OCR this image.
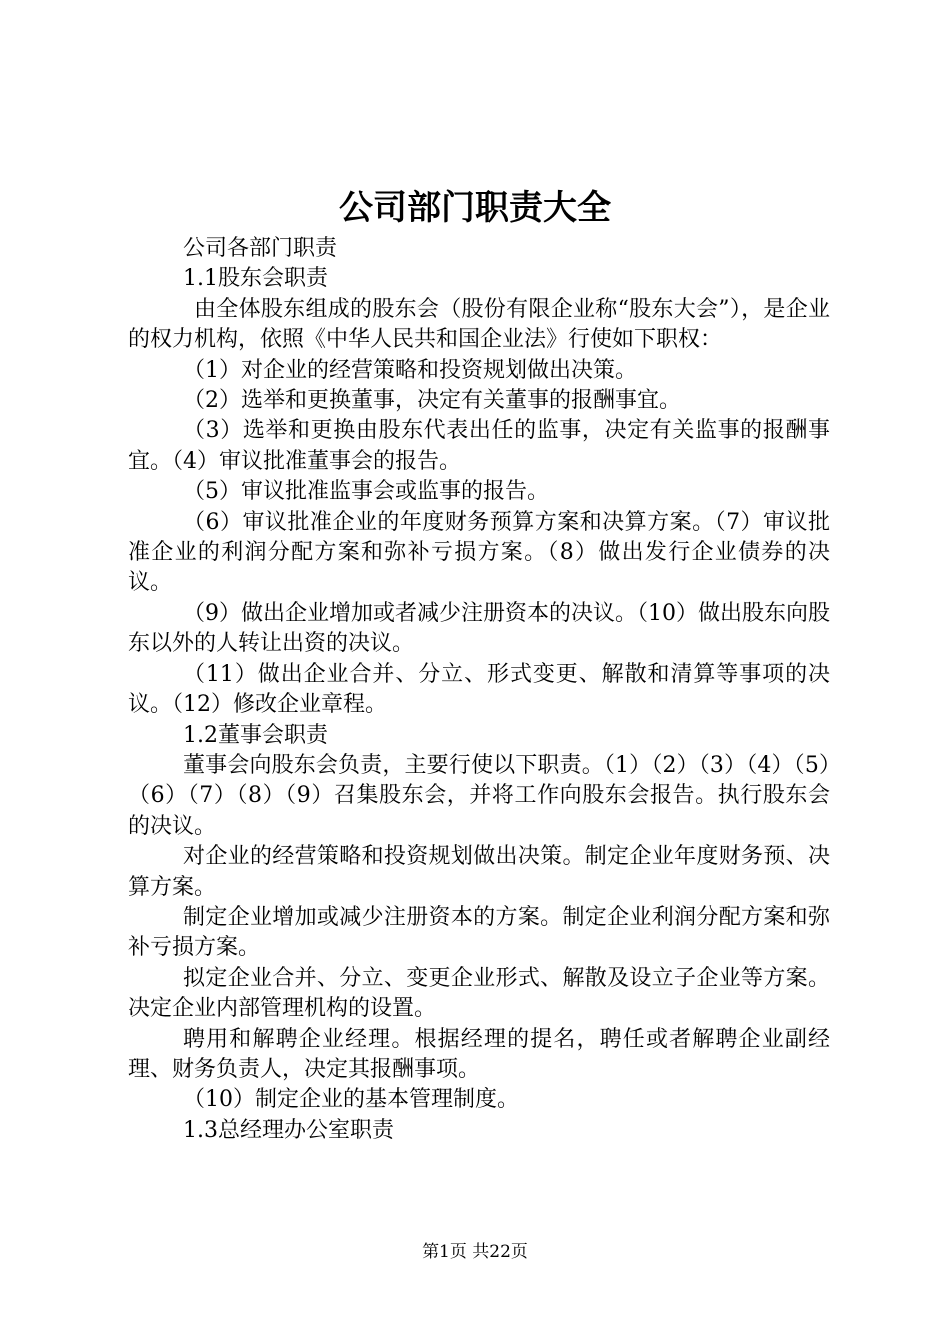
公司部门职责大全

公司各部门职责

1.1股东会职责

由全体股东组成的股东会（股份有限企业称“股东大会”），是企业的权力机构，依照《中华人民共和国企业法》行使如下职权：

（1）对企业的经营策略和投资规划做出决策。

（2）选举和更换董事，决定有关董事的报酬事宜。

（3）选举和更换由股东代表出任的监事，决定有关监事的报酬事宜。（4）审议批准董事会的报告。

（5）审议批准监事会或监事的报告。

（6）审议批准企业的年度财务预算方案和决算方案。（7）审议批准企业的利润分配方案和弥补亏损方案。（8）做出发行企业债券的决议。

（9）做出企业增加或者减少注册资本的决议。（10）做出股东向股东以外的人转让出资的决议。

（11）做出企业合并、分立、形式变更、解散和清算等事项的决议。（12）修改企业章程。

1.2董事会职责

董事会向股东会负责，主要行使以下职责。（1）（2）（3）（4）（5）（6）（7）（8）（9）召集股东会，并将工作向股东会报告。执行股东会的决议。

对企业的经营策略和投资规划做出决策。制定企业年度财务预、决算方案。

制定企业增加或减少注册资本的方案。制定企业利润分配方案和弥补亏损方案。

拟定企业合并、分立、变更企业形式、解散及设立子企业等方案。决定企业内部管理机构的设置。

聘用和解聘企业经理。根据经理的提名，聘任或者解聘企业副经理、财务负责人，决定其报酬事项。

（10）制定企业的基本管理制度。

1.3总经理办公室职责

第1页 共22页
